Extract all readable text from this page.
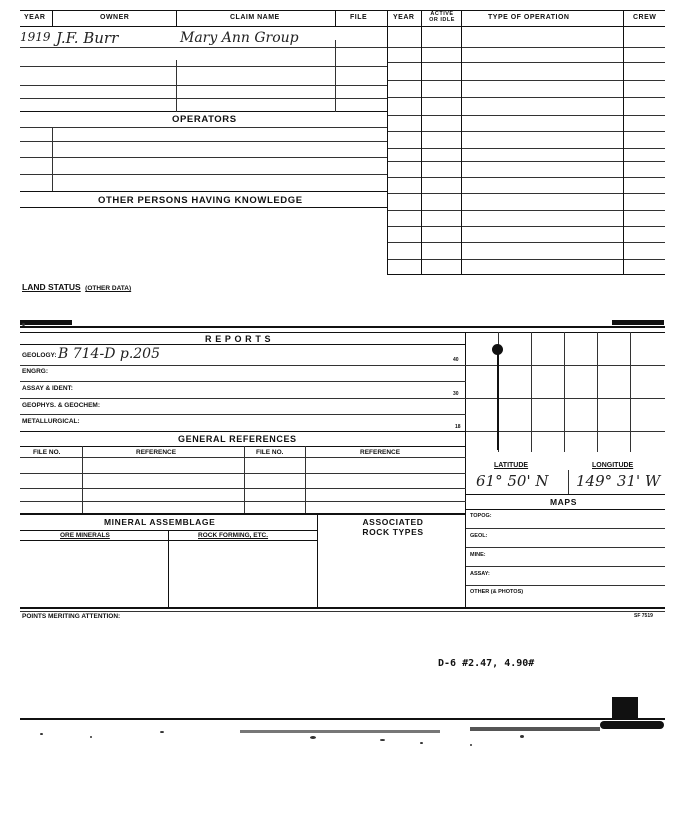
YEAR	OWNER	CLAIM NAME	FILE	YEAR	ACTIVE OR IDLE	TYPE OF OPERATION	CREW
1919 J.F. Burr	Mary Ann Group
OPERATORS
OTHER PERSONS HAVING KNOWLEDGE
LAND STATUS (OTHER DATA)
R E P O R T S
GEOLOGY: B 714-D p.205
ENGRG:
ASSAY & IDENT:
GEOPHYS. & GEOCHEM:
METALLURGICAL:
40
30
18
GENERAL REFERENCES
FILE NO.	REFERENCE	FILE NO.	REFERENCE
MINERAL ASSEMBLAGE	ASSOCIATED ROCK TYPES
ORE MINERALS	ROCK FORMING, ETC.
LATITUDE	LONGITUDE
61° 50' N 149° 31' W
MAPS
TOPOG:
GEOL:
MINE:
ASSAY:
OTHER (& PHOTOS)
POINTS MERITING ATTENTION:	SF 7519
D-6 #2.47, 4.90#
